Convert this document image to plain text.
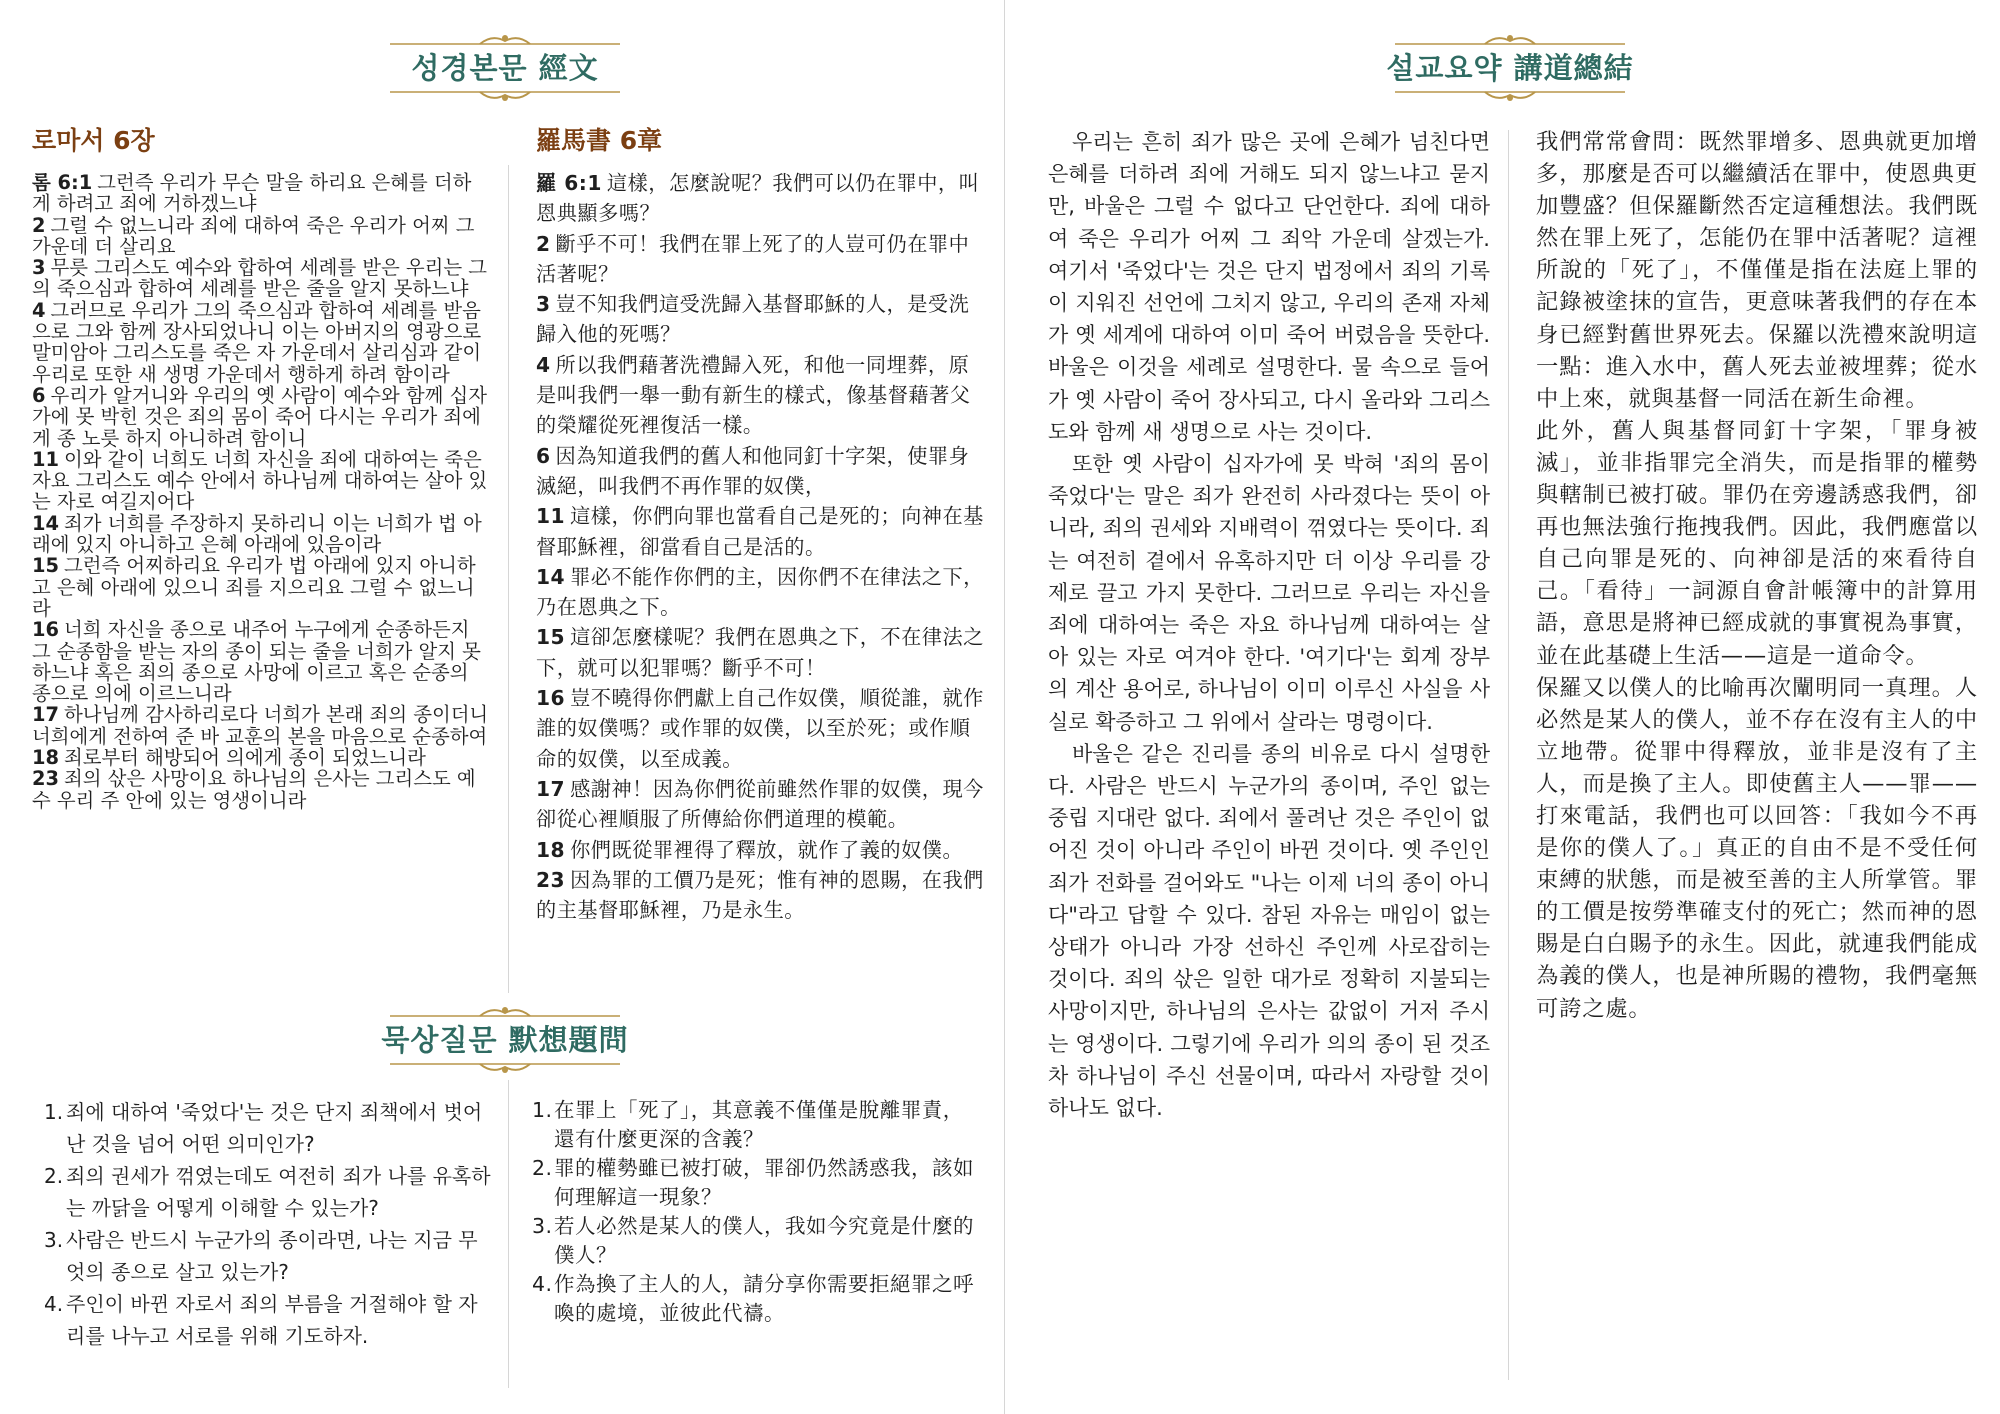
성경본문 經文	설교요약 講道總結
묵상질문 默想題問
로마서 6장	羅馬書 6章
롬 6:1 그런즉 우리가 무슨 말을 하리요 은혜를 더하게 하려고 죄에 거하겠느냐
2 그럴 수 없느니라 죄에 대하여 죽은 우리가 어찌 그 가운데 더 살리요
3 무릇 그리스도 예수와 합하여 세례를 받은 우리는 그의 죽으심과 합하여 세례를 받은 줄을 알지 못하느냐
4 그러므로 우리가 그의 죽으심과 합하여 세례를 받음으로 그와 함께 장사되었나니 이는 아버지의 영광으로 말미암아 그리스도를 죽은 자 가운데서 살리심과 같이 우리로 또한 새 생명 가운데서 행하게 하려 함이라
6 우리가 알거니와 우리의 옛 사람이 예수와 함께 십자가에 못 박힌 것은 죄의 몸이 죽어 다시는 우리가 죄에게 종 노릇 하지 아니하려 함이니
11 이와 같이 너희도 너희 자신을 죄에 대하여는 죽은 자요 그리스도 예수 안에서 하나님께 대하여는 살아 있는 자로 여길지어다
14 죄가 너희를 주장하지 못하리니 이는 너희가 법 아래에 있지 아니하고 은혜 아래에 있음이라
15 그런즉 어찌하리요 우리가 법 아래에 있지 아니하고 은혜 아래에 있으니 죄를 지으리요 그럴 수 없느니라
16 너희 자신을 종으로 내주어 누구에게 순종하든지 그 순종함을 받는 자의 종이 되는 줄을 너희가 알지 못하느냐 혹은 죄의 종으로 사망에 이르고 혹은 순종의 종으로 의에 이르느니라
17 하나님께 감사하리로다 너희가 본래 죄의 종이더니 너희에게 전하여 준 바 교훈의 본을 마음으로 순종하여
18 죄로부터 해방되어 의에게 종이 되었느니라
23 죄의 삯은 사망이요 하나님의 은사는 그리스도 예수 우리 주 안에 있는 영생이니라
羅 6:1 這樣，怎麼說呢？我們可以仍在罪中，叫恩典顯多嗎？
2 斷乎不可！我們在罪上死了的人豈可仍在罪中活著呢？
3 豈不知我們這受洗歸入基督耶穌的人，是受洗歸入他的死嗎？
4 所以我們藉著洗禮歸入死，和他一同埋葬，原是叫我們一舉一動有新生的樣式，像基督藉著父的榮耀從死裡復活一樣。
6 因為知道我們的舊人和他同釘十字架，使罪身滅絕，叫我們不再作罪的奴僕，
11 這樣，你們向罪也當看自己是死的；向神在基督耶穌裡，卻當看自己是活的。
14 罪必不能作你們的主，因你們不在律法之下，乃在恩典之下。
15 這卻怎麼樣呢？我們在恩典之下，不在律法之下，就可以犯罪嗎？斷乎不可！
16 豈不曉得你們獻上自己作奴僕，順從誰，就作誰的奴僕嗎？或作罪的奴僕，以至於死；或作順命的奴僕，以至成義。
17 感謝神！因為你們從前雖然作罪的奴僕，現今卻從心裡順服了所傳給你們道理的模範。
18 你們既從罪裡得了釋放，就作了義的奴僕。
23 因為罪的工價乃是死；惟有神的恩賜，在我們的主基督耶穌裡，乃是永生。
1. 죄에 대하여 '죽었다'는 것은 단지 죄책에서 벗어난 것을 넘어 어떤 의미인가?
2. 죄의 권세가 꺾였는데도 여전히 죄가 나를 유혹하는 까닭을 어떻게 이해할 수 있는가?
3. 사람은 반드시 누군가의 종이라면, 나는 지금 무엇의 종으로 살고 있는가?
4. 주인이 바뀐 자로서 죄의 부름을 거절해야 할 자리를 나누고 서로를 위해 기도하자.
1. 在罪上「死了」，其意義不僅僅是脫離罪責，還有什麼更深的含義？
2. 罪的權勢雖已被打破，罪卻仍然誘惑我，該如何理解這一現象？
3. 若人必然是某人的僕人，我如今究竟是什麼的僕人？
4. 作為換了主人的人，請分享你需要拒絕罪之呼喚的處境，並彼此代禱。

우리는 흔히 죄가 많은 곳에 은혜가 넘친다면 은혜를 더하려 죄에 거해도 되지 않느냐고 묻지만, 바울은 그럴 수 없다고 단언한다. 죄에 대하여 죽은 우리가 어찌 그 죄악 가운데 살겠는가. 여기서 '죽었다'는 것은 단지 법정에서 죄의 기록이 지워진 선언에 그치지 않고, 우리의 존재 자체가 옛 세계에 대하여 이미 죽어 버렸음을 뜻한다. 바울은 이것을 세례로 설명한다. 물 속으로 들어가 옛 사람이 죽어 장사되고, 다시 올라와 그리스도와 함께 새 생명으로 사는 것이다.

또한 옛 사람이 십자가에 못 박혀 '죄의 몸이 죽었다'는 말은 죄가 완전히 사라졌다는 뜻이 아니라, 죄의 권세와 지배력이 꺾였다는 뜻이다. 죄는 여전히 곁에서 유혹하지만 더 이상 우리를 강제로 끌고 가지 못한다. 그러므로 우리는 자신을 죄에 대하여는 죽은 자요 하나님께 대하여는 살아 있는 자로 여겨야 한다. '여기다'는 회계 장부의 계산 용어로, 하나님이 이미 이루신 사실을 사실로 확증하고 그 위에서 살라는 명령이다.

바울은 같은 진리를 종의 비유로 다시 설명한다. 사람은 반드시 누군가의 종이며, 주인 없는 중립 지대란 없다. 죄에서 풀려난 것은 주인이 없어진 것이 아니라 주인이 바뀐 것이다. 옛 주인인 죄가 전화를 걸어와도 "나는 이제 너의 종이 아니다"라고 답할 수 있다. 참된 자유는 매임이 없는 상태가 아니라 가장 선하신 주인께 사로잡히는 것이다. 죄의 삯은 일한 대가로 정확히 지불되는 사망이지만, 하나님의 은사는 값없이 거저 주시는 영생이다. 그렇기에 우리가 의의 종이 된 것조차 하나님이 주신 선물이며, 따라서 자랑할 것이 하나도 없다.

我們常常會問：既然罪增多、恩典就更加增多，那麼是否可以繼續活在罪中，使恩典更加豐盛？但保羅斷然否定這種想法。我們既然在罪上死了，怎能仍在罪中活著呢？這裡所說的「死了」，不僅僅是指在法庭上罪的記錄被塗抹的宣告，更意味著我們的存在本身已經對舊世界死去。保羅以洗禮來說明這一點：進入水中，舊人死去並被埋葬；從水中上來，就與基督一同活在新生命裡。

此外，舊人與基督同釘十字架，「罪身被滅」，並非指罪完全消失，而是指罪的權勢與轄制已被打破。罪仍在旁邊誘惑我們，卻再也無法強行拖拽我們。因此，我們應當以自己向罪是死的、向神卻是活的來看待自己。「看待」一詞源自會計帳簿中的計算用語，意思是將神已經成就的事實視為事實，並在此基礎上生活——這是一道命令。

保羅又以僕人的比喻再次闡明同一真理。人必然是某人的僕人，並不存在沒有主人的中立地帶。從罪中得釋放，並非是沒有了主人，而是換了主人。即使舊主人——罪——打來電話，我們也可以回答：「我如今不再是你的僕人了。」真正的自由不是不受任何束縛的狀態，而是被至善的主人所掌管。罪的工價是按勞準確支付的死亡；然而神的恩賜是白白賜予的永生。因此，就連我們能成為義的僕人，也是神所賜的禮物，我們毫無可誇之處。
